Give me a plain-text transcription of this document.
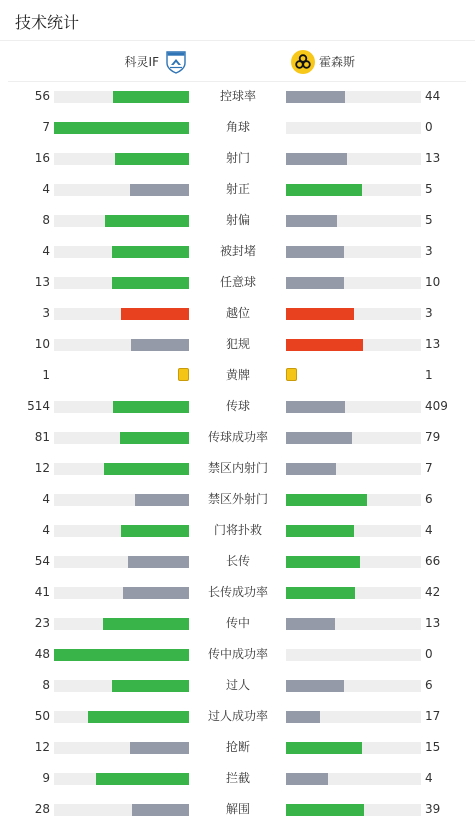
技术统计
科灵IF	霍森斯
56	控球率	44
7	角球	0
16	射门	13
4	射正	5
8	射偏	5
4	被封堵	3
13	任意球	10
3	越位	3
10	犯规	13
1	黄牌	1
514	传球	409
81	传球成功率	79
12	禁区内射门	7
4	禁区外射门	6
4	门将扑救	4
54	长传	66
41	长传成功率	42
23	传中	13
48	传中成功率	0
8	过人	6
50	过人成功率	17
12	抢断	15
9	拦截	4
28	解围	39
